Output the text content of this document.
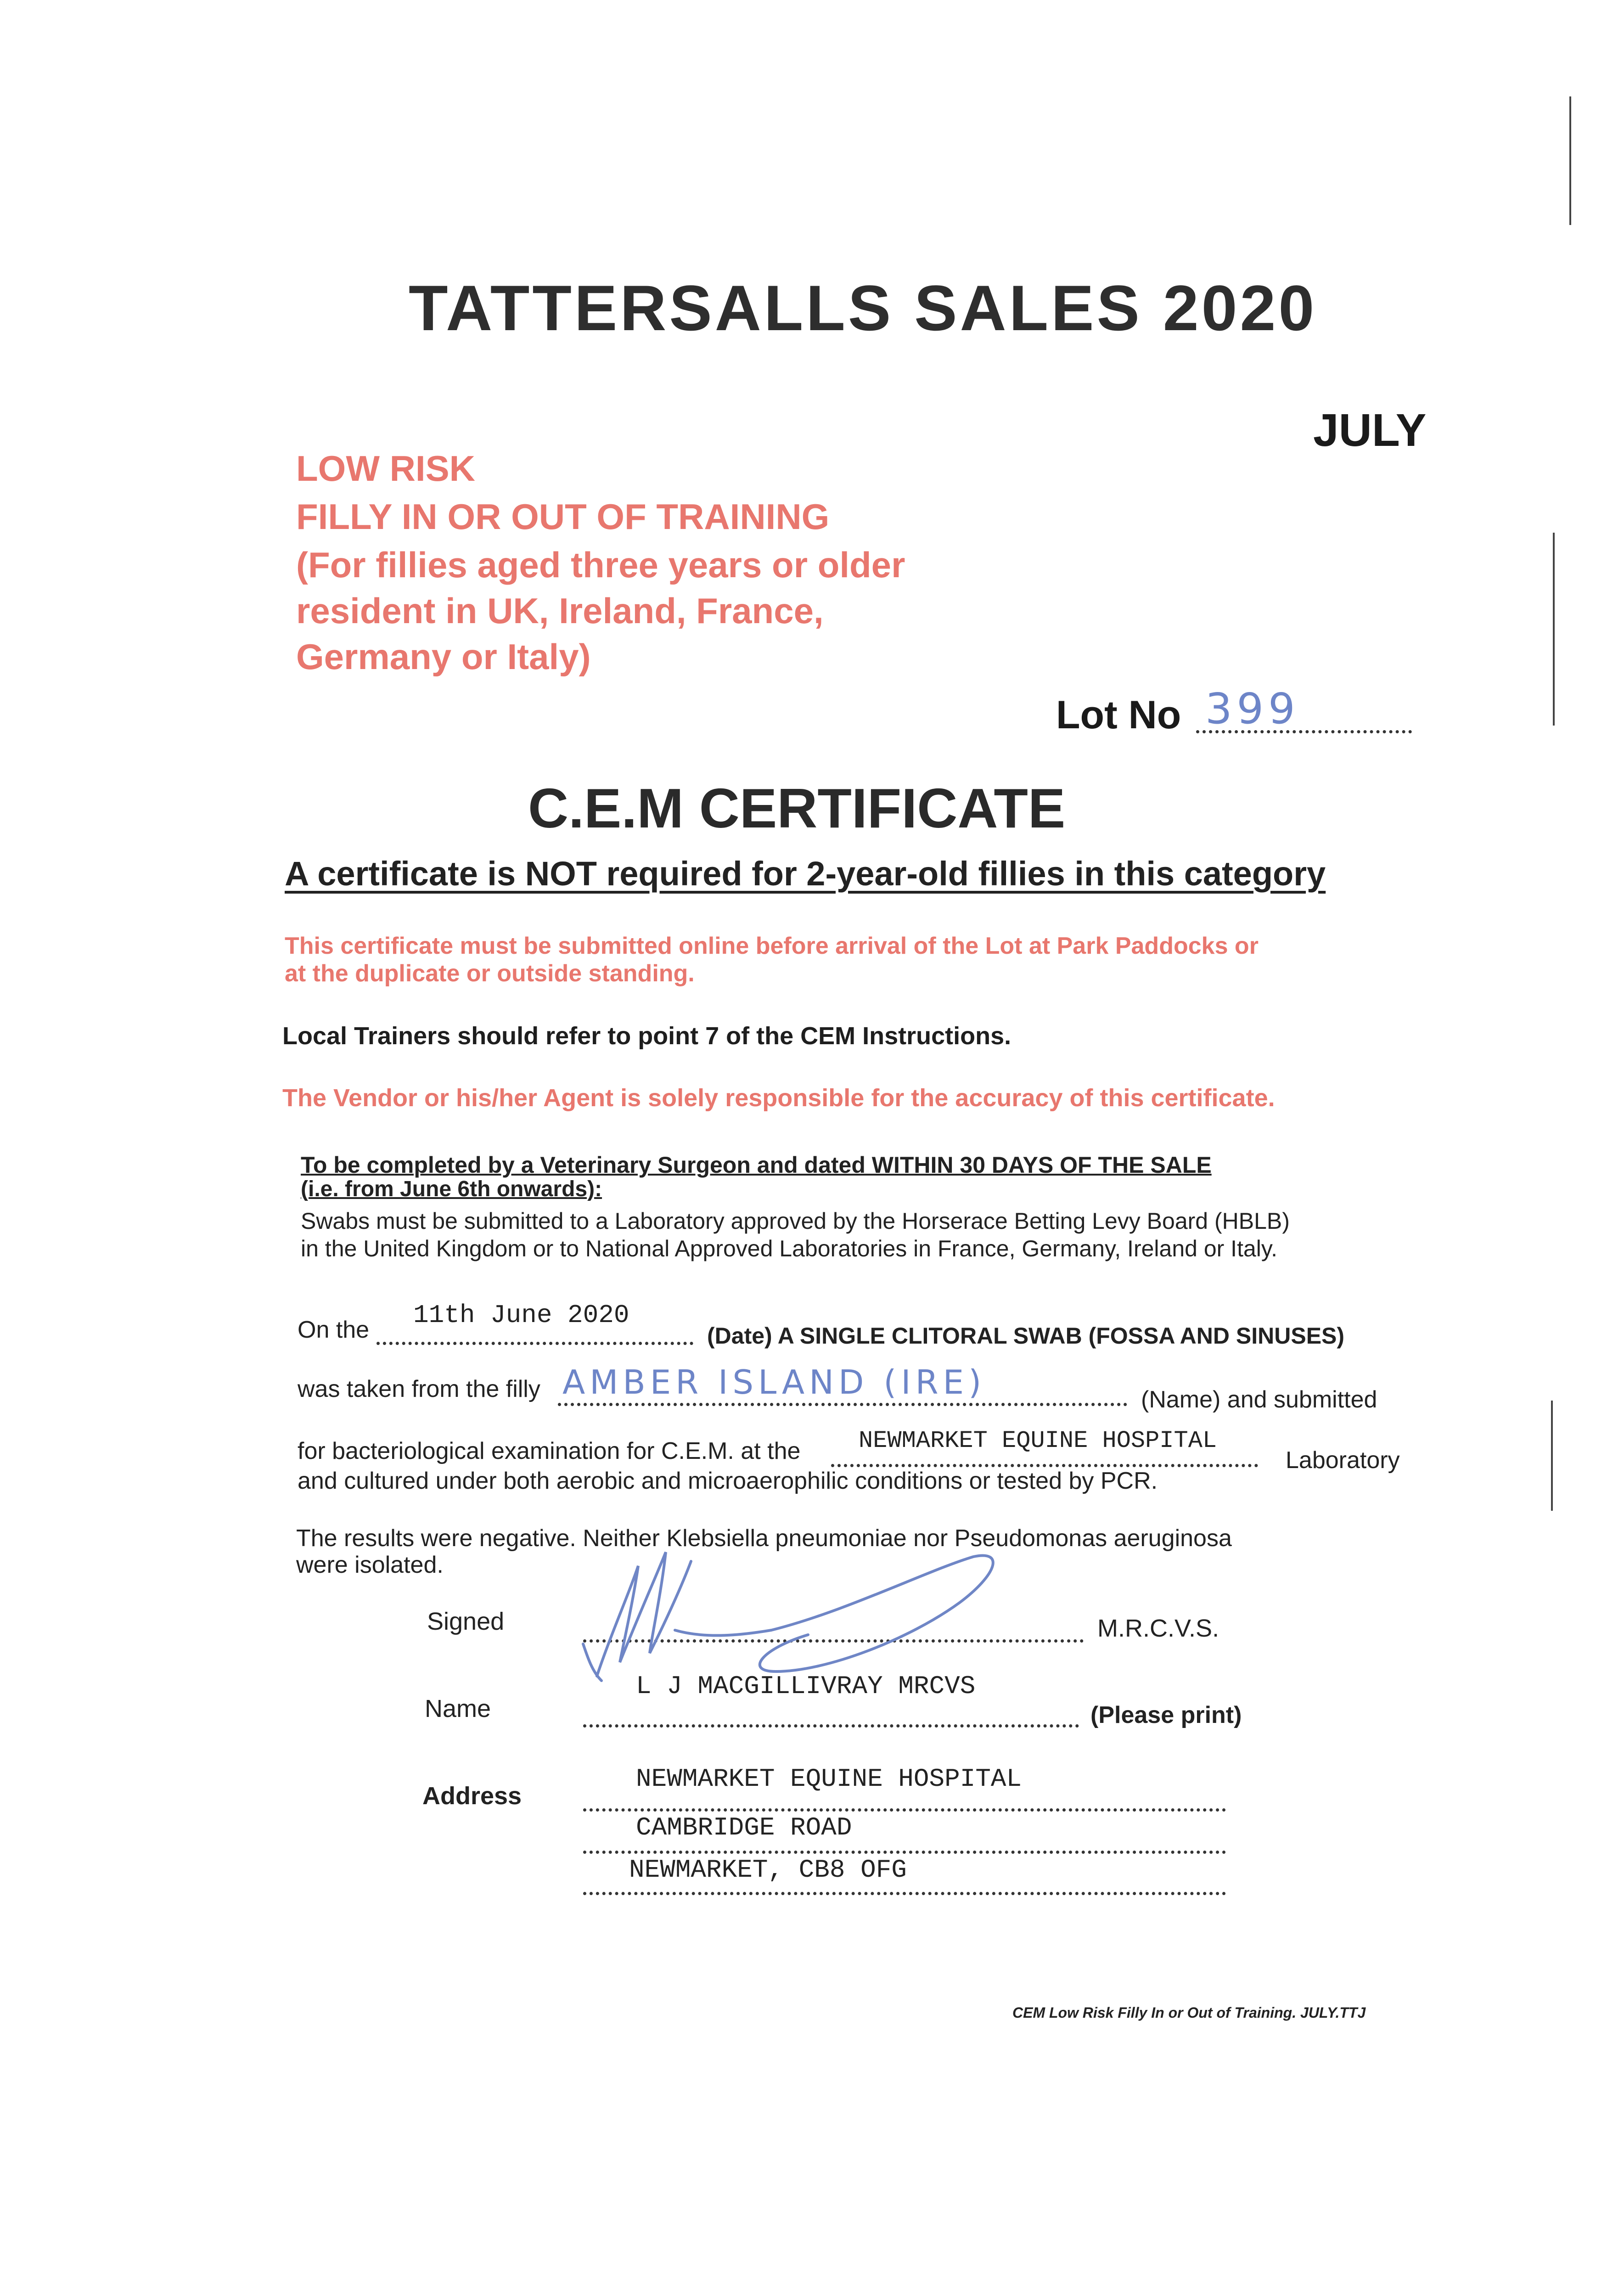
TATTERSALLS SALES 2020
JULY
LOW RISK
FILLY IN OR OUT OF TRAINING
(For fillies aged three years or older
resident in UK, Ireland, France,
Germany or Italy)
Lot No 399
C.E.M CERTIFICATE
A certificate is NOT required for 2-year-old fillies in this category
This certificate must be submitted online before arrival of the Lot at Park Paddocks or
at the duplicate or outside standing.
Local Trainers should refer to point 7 of the CEM Instructions.
The Vendor or his/her Agent is solely responsible for the accuracy of this certificate.
To be completed by a Veterinary Surgeon and dated WITHIN 30 DAYS OF THE SALE
(i.e. from June 6th onwards):
Swabs must be submitted to a Laboratory approved by the Horserace Betting Levy Board (HBLB)
in the United Kingdom or to National Approved Laboratories in France, Germany, Ireland or Italy.
On the 11th June 2020
(Date) A SINGLE CLITORAL SWAB (FOSSA AND SINUSES)
was taken from the filly AMBER ISLAND (IRE)	(Name) and submitted
for bacteriological examination for C.E.M. at the NEWMARKET EQUINE HOSPITAL
Laboratory
and cultured under both aerobic and microaerophilic conditions or tested by PCR.
The results were negative. Neither Klebsiella pneumoniae nor Pseudomonas aeruginosa
were isolated.
Signed	M.R.C.V.S.
Name
L J MACGILLIVRAY MRCVS
(Please print)
Address
NEWMARKET EQUINE HOSPITAL
CAMBRIDGE ROAD
NEWMARKET, CB8 OFG
CEM Low Risk Filly In or Out of Training. JULY.TTJ
